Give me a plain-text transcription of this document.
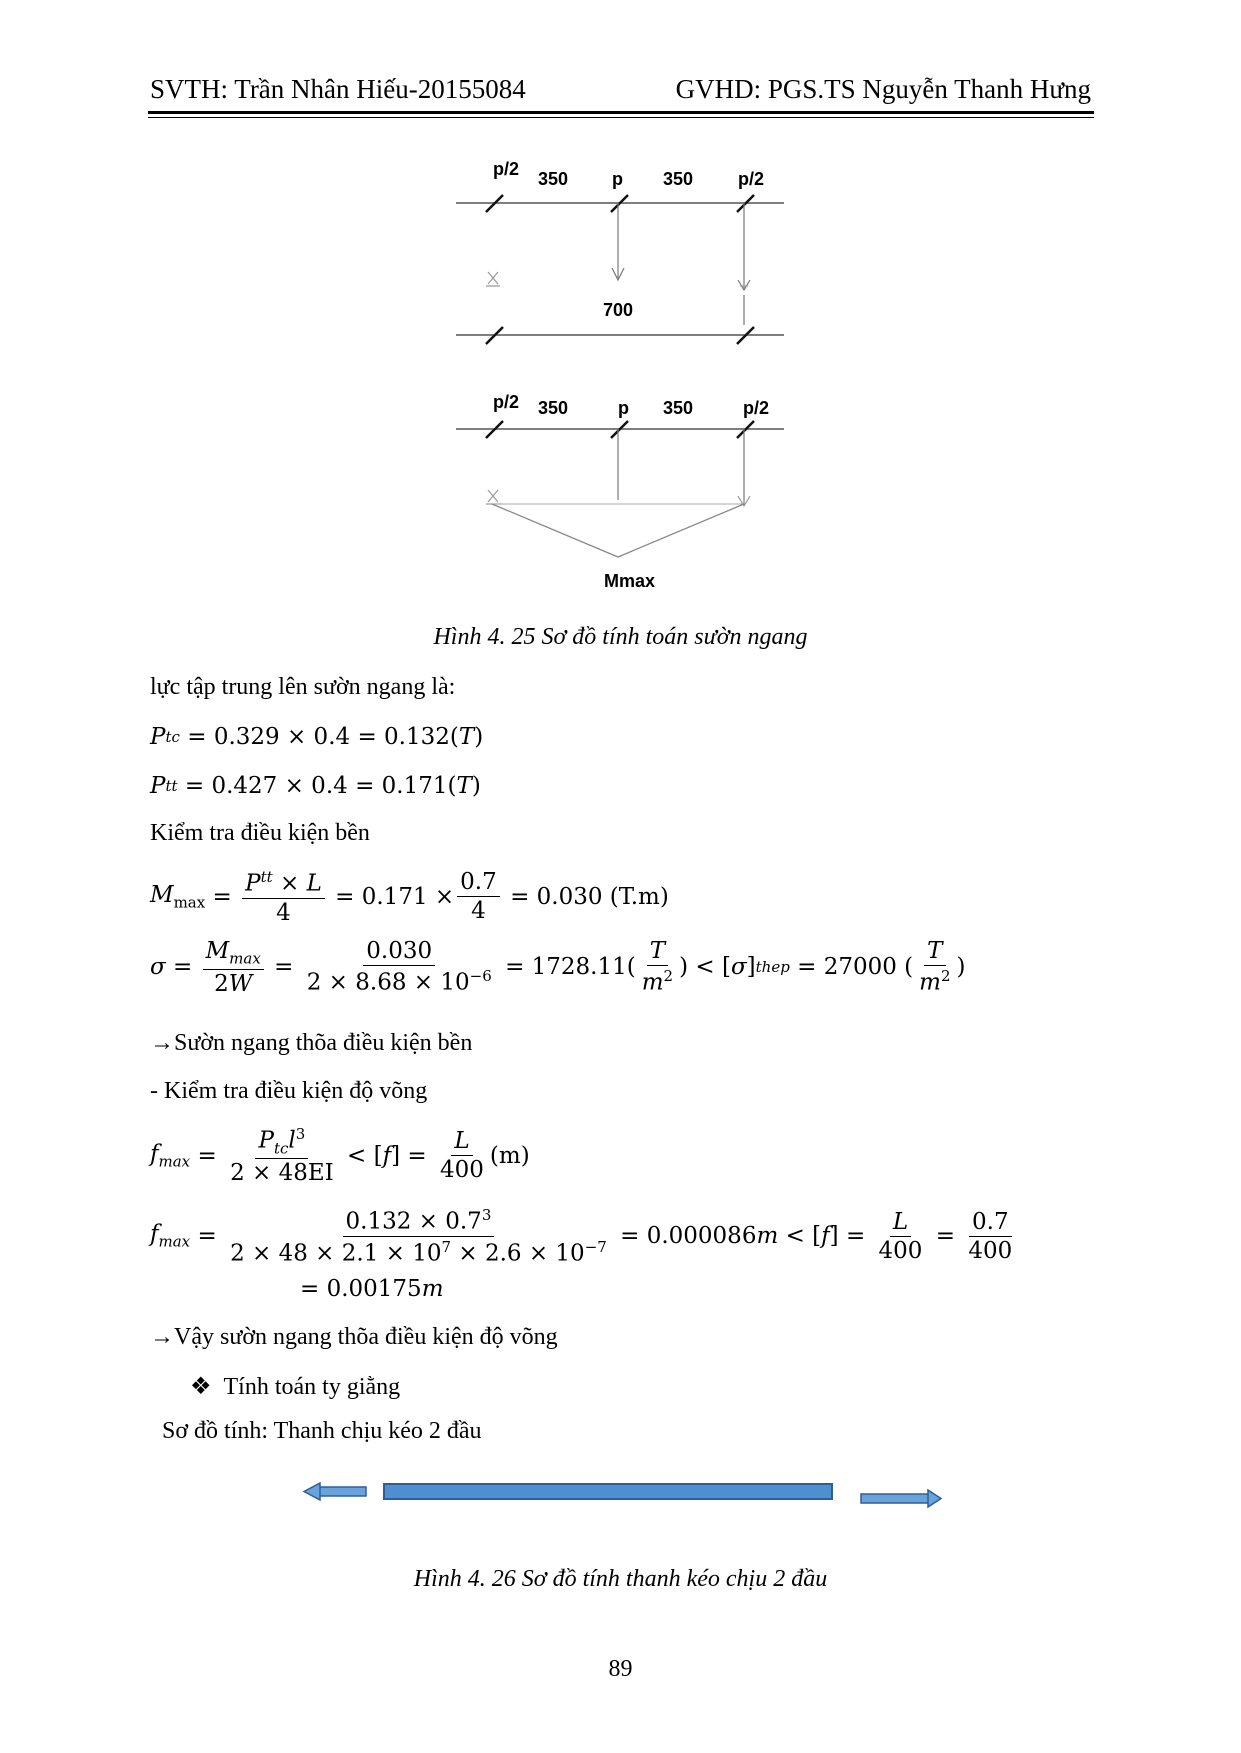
SVTH: Trần Nhân Hiếu-20155084	GVHD: PGS.TS Nguyễn Thanh Hưng
p/2 350 p 350 p/2
700
p/2 350	p 350	p/2
Mmax
Hình 4. 25 Sơ đồ tính toán sườn ngang
lực tập trung lên sườn ngang là:
P tc
= 0.329 × 0.4 = 0.132( T )
P tt
= 0.427 × 0.4 = 0.171( T )
Kiểm tra điều kiện bền
$M_{max} = \frac{P^{tt} \times L}{4}$
= $0.171 \times \frac{0.7}{4}$
= 0.030 (T.m)
$\sigma = \frac{M_{max}}{2W} = \frac{0.030}{2 \times 8.68 \times 10^{-6}}$
= $1728.11( \frac{T}{m^2}$ ) < [ σ ] thep
= 27000 ( $\frac{T}{m^2}$ )
→Sườn ngang thõa điều kiện bền
- Kiểm tra điều kiện độ võng
$f_{max} = \frac{P_{tc}l^3}{2 \times 48EI}$ < [ f ] = $\frac{L}{400} (m)$
$f_{max} = \frac{0.132 \times 0.7^3}{2 \times 48 \times 2.1 \times 10^7 \times 2.6 \times 10^{-7}}$
= 0.000086 m < [ f ] = $\frac{L}{400} = \frac{0.7}{400}$
= 0.00175 m
→Vậy sườn ngang thõa điều kiện độ võng
❖ Tính toán ty giằng
Sơ đồ tính: Thanh chịu kéo 2 đầu
Hình 4. 26 Sơ đồ tính thanh kéo chịu 2 đầu
89
